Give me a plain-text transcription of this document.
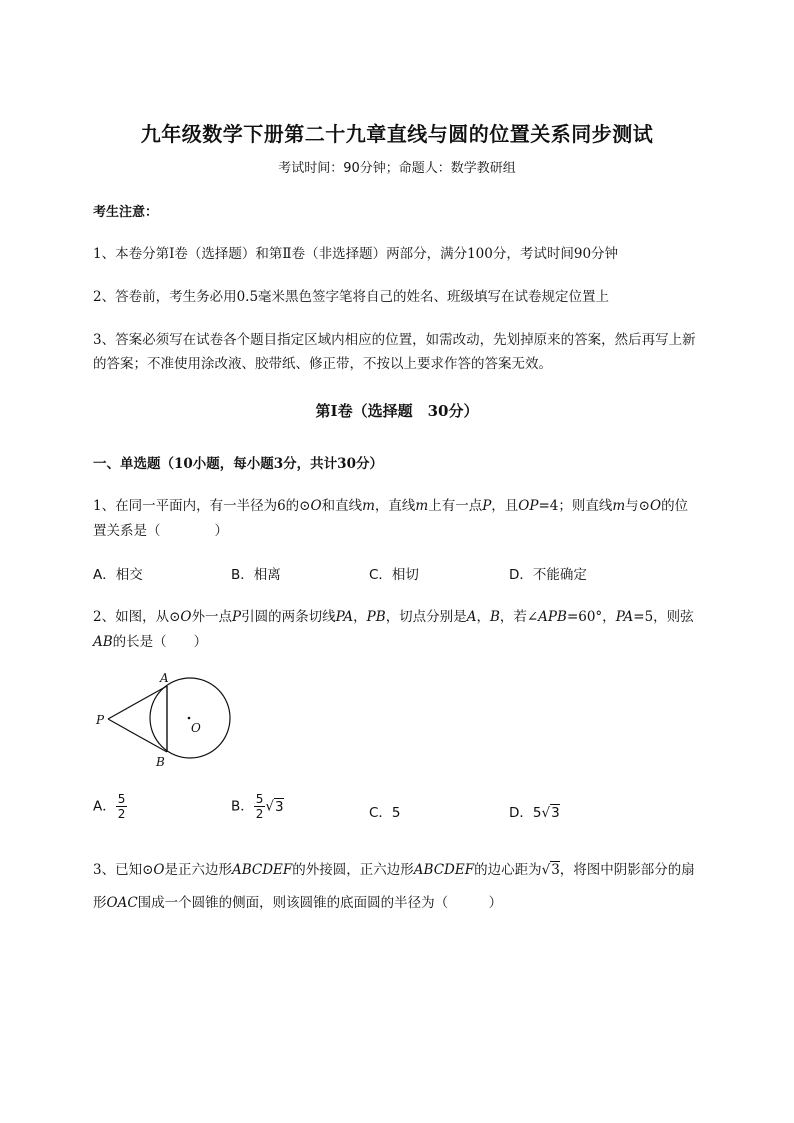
九年级数学下册第二十九章直线与圆的位置关系同步测试
考试时间：90分钟；命题人：数学教研组
考生注意：
1、本卷分第Ⅰ卷（选择题）和第Ⅱ卷（非选择题）两部分，满分100分，考试时间90分钟
2、答卷前，考生务必用0.5毫米黑色签字笔将自己的姓名、班级填写在试卷规定位置上
3、答案必须写在试卷各个题目指定区域内相应的位置，如需改动，先划掉原来的答案，然后再写上新
的答案；不准使用涂改液、胶带纸、修正带，不按以上要求作答的答案无效。
第Ⅰ卷（选择题　30分）
一、单选题（10小题，每小题3分，共计30分）
1、在同一平面内，有一半径为6的⊙O和直线m，直线m上有一点P，且OP=4；则直线m与⊙O的位
置关系是（　　　　）
A．相交	B．相离	C．相切	D．不能确定
2、如图，从⊙O外一点P引圆的两条切线PA，PB，切点分别是A，B，若∠APB=60°，PA=5，则弦
AB的长是（　　）
A
B
P
O
A． $\frac{5}{2}$	B． $\frac{5}{2} √3$	C．5	D．5√3
3、已知⊙O是正六边形ABCDEF的外接圆，正六边形ABCDEF的边心距为√3，将图中阴影部分的扇
形OAC围成一个圆锥的侧面，则该圆锥的底面圆的半径为（　　　）
